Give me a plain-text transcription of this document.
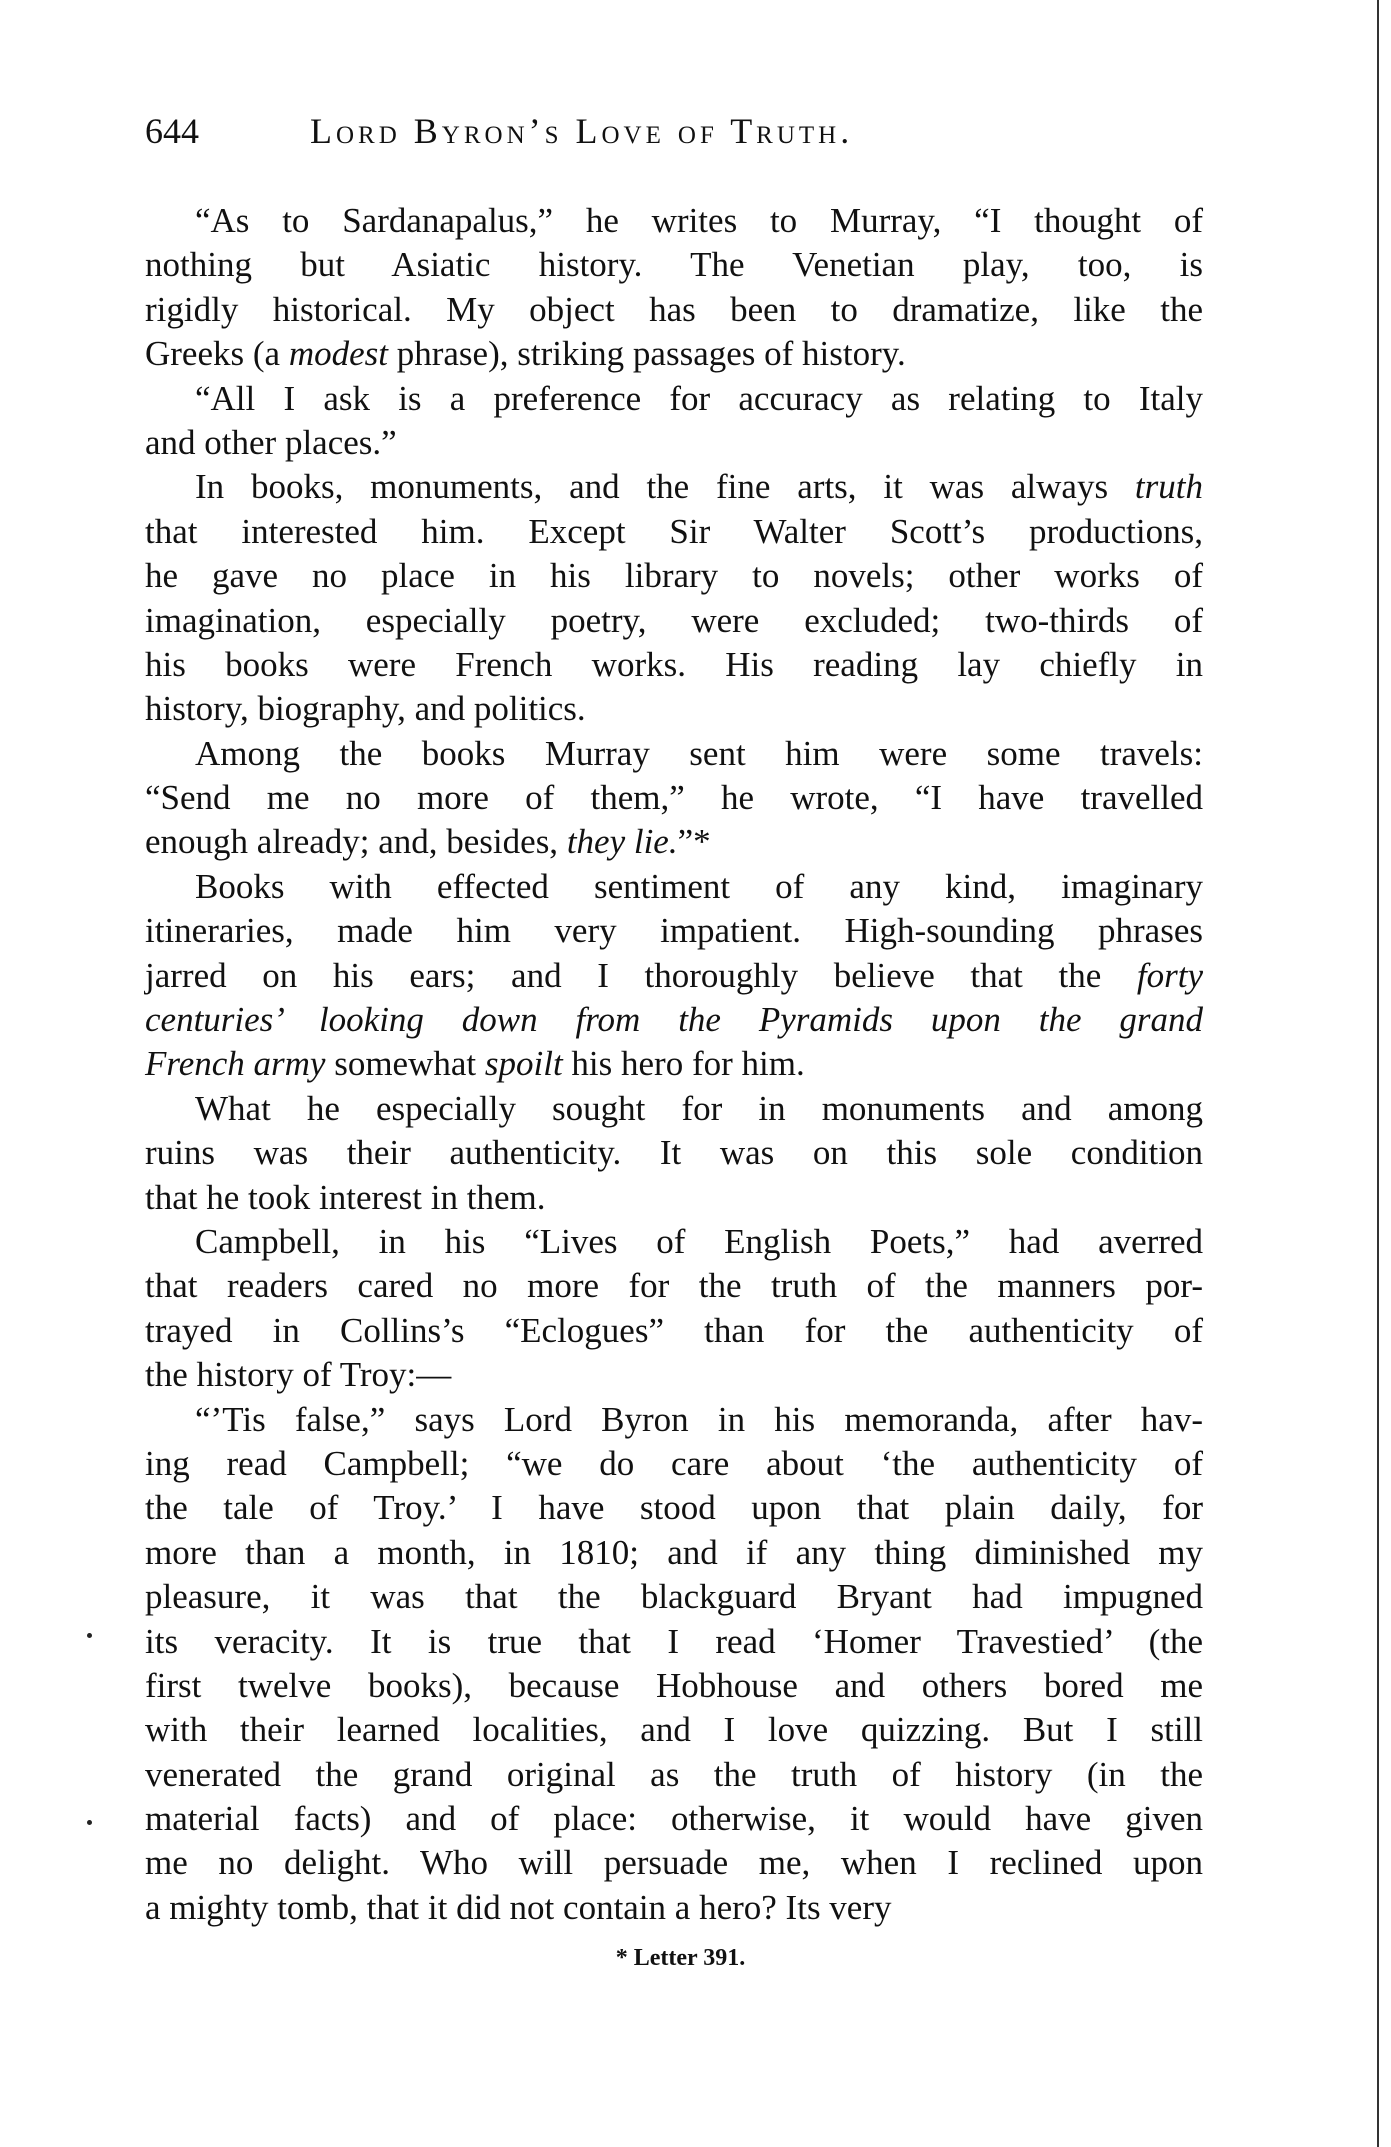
644	Lord Byron’s Love of Truth.
“As to Sardanapalus,” he writes to Murray, “I thought of
nothing but Asiatic history. The Venetian play, too, is
rigidly historical. My object has been to dramatize, like the
Greeks (a modest phrase), striking passages of history.
“All I ask is a preference for accuracy as relating to Italy
and other places.”
In books, monuments, and the fine arts, it was always truth
that interested him. Except Sir Walter Scott’s productions,
he gave no place in his library to novels; other works of
imagination, especially poetry, were excluded; two-thirds of
his books were French works. His reading lay chiefly in
history, biography, and politics.
Among the books Murray sent him were some travels:
“Send me no more of them,” he wrote, “I have travelled
enough already; and, besides, they lie.”*
Books with effected sentiment of any kind, imaginary
itineraries, made him very impatient. High-sounding phrases
jarred on his ears; and I thoroughly believe that the forty
centuries’ looking down from the Pyramids upon the grand
French army somewhat spoilt his hero for him.
What he especially sought for in monuments and among
ruins was their authenticity. It was on this sole condition
that he took interest in them.
Campbell, in his “Lives of English Poets,” had averred
that readers cared no more for the truth of the manners por-
trayed in Collins’s “Eclogues” than for the authenticity of
the history of Troy:—
“’Tis false,” says Lord Byron in his memoranda, after hav-
ing read Campbell; “we do care about ‘the authenticity of
the tale of Troy.’ I have stood upon that plain daily, for
more than a month, in 1810; and if any thing diminished my
pleasure, it was that the blackguard Bryant had impugned
its veracity. It is true that I read ‘Homer Travestied’ (the
first twelve books), because Hobhouse and others bored me
with their learned localities, and I love quizzing. But I still
venerated the grand original as the truth of history (in the
material facts) and of place: otherwise, it would have given
me no delight. Who will persuade me, when I reclined upon
a mighty tomb, that it did not contain a hero? Its very
* Letter 391.
